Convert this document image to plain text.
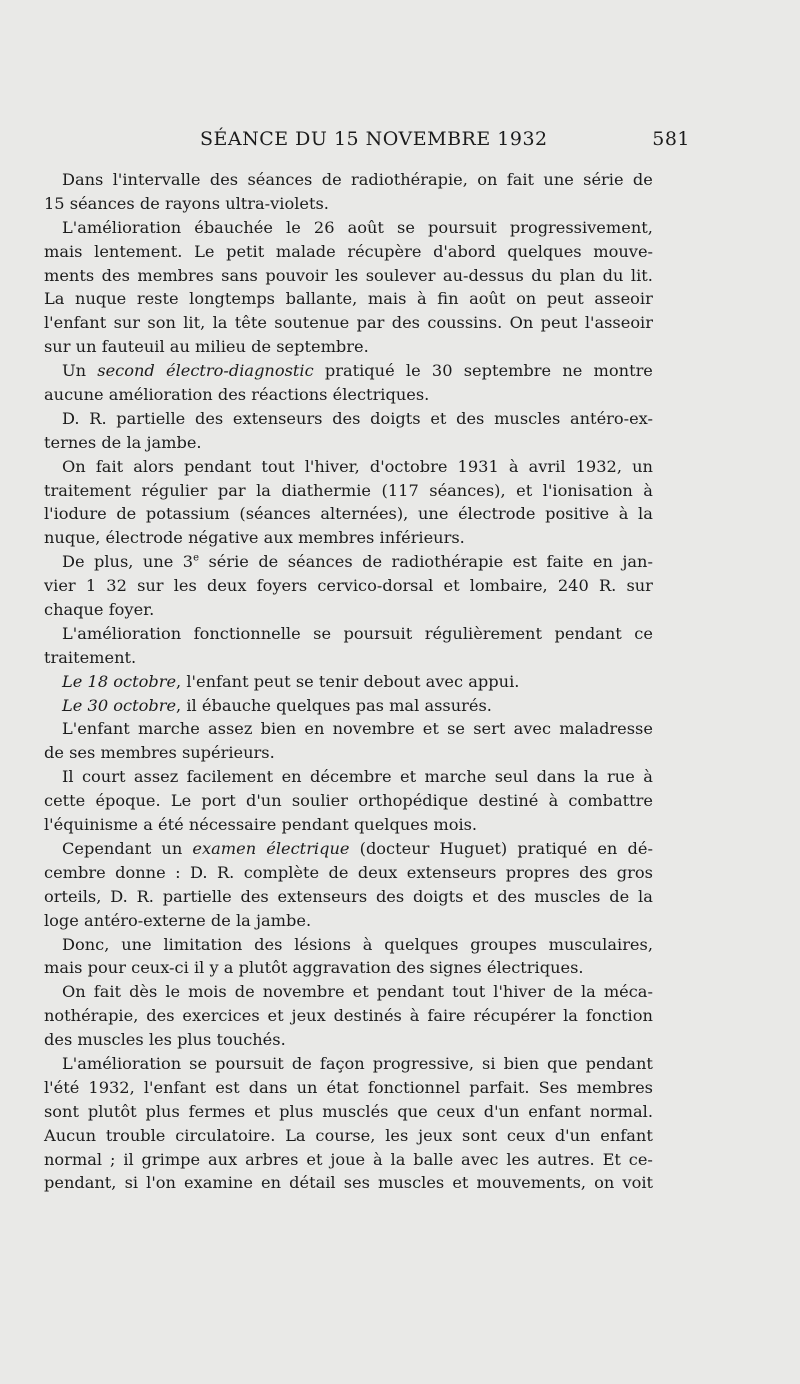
SÉANCE DU 15 NOVEMBRE 1932	581
Dans l'intervalle des séances de radiothérapie, on fait une série de
15 séances de rayons ultra-violets.
L'amélioration ébauchée le 26 août se poursuit progressivement,
mais lentement. Le petit malade récupère d'abord quelques mouve-
ments des membres sans pouvoir les soulever au-dessus du plan du lit.
La nuque reste longtemps ballante, mais à fin août on peut asseoir
l'enfant sur son lit, la tête soutenue par des coussins. On peut l'asseoir
sur un fauteuil au milieu de septembre.
Un second électro-diagnostic pratiqué le 30 septembre ne montre
aucune amélioration des réactions électriques.
D. R. partielle des extenseurs des doigts et des muscles antéro-ex-
ternes de la jambe.
On fait alors pendant tout l'hiver, d'octobre 1931 à avril 1932, un
traitement régulier par la diathermie (117 séances), et l'ionisation à
l'iodure de potassium (séances alternées), une électrode positive à la
nuque, électrode négative aux membres inférieurs.
De plus, une 3e série de séances de radiothérapie est faite en jan-
vier 1 32 sur les deux foyers cervico-dorsal et lombaire, 240 R. sur
chaque foyer.
L'amélioration fonctionnelle se poursuit régulièrement pendant ce
traitement.
Le 18 octobre, l'enfant peut se tenir debout avec appui.
Le 30 octobre, il ébauche quelques pas mal assurés.
L'enfant marche assez bien en novembre et se sert avec maladresse
de ses membres supérieurs.
Il court assez facilement en décembre et marche seul dans la rue à
cette époque. Le port d'un soulier orthopédique destiné à combattre
l'équinisme a été nécessaire pendant quelques mois.
Cependant un examen électrique (docteur Huguet) pratiqué en dé-
cembre donne : D. R. complète de deux extenseurs propres des gros
orteils, D. R. partielle des extenseurs des doigts et des muscles de la
loge antéro-externe de la jambe.
Donc, une limitation des lésions à quelques groupes musculaires,
mais pour ceux-ci il y a plutôt aggravation des signes électriques.
On fait dès le mois de novembre et pendant tout l'hiver de la méca-
nothérapie, des exercices et jeux destinés à faire récupérer la fonction
des muscles les plus touchés.
L'amélioration se poursuit de façon progressive, si bien que pendant
l'été 1932, l'enfant est dans un état fonctionnel parfait. Ses membres
sont plutôt plus fermes et plus musclés que ceux d'un enfant normal.
Aucun trouble circulatoire. La course, les jeux sont ceux d'un enfant
normal ; il grimpe aux arbres et joue à la balle avec les autres. Et ce-
pendant, si l'on examine en détail ses muscles et mouvements, on voit
